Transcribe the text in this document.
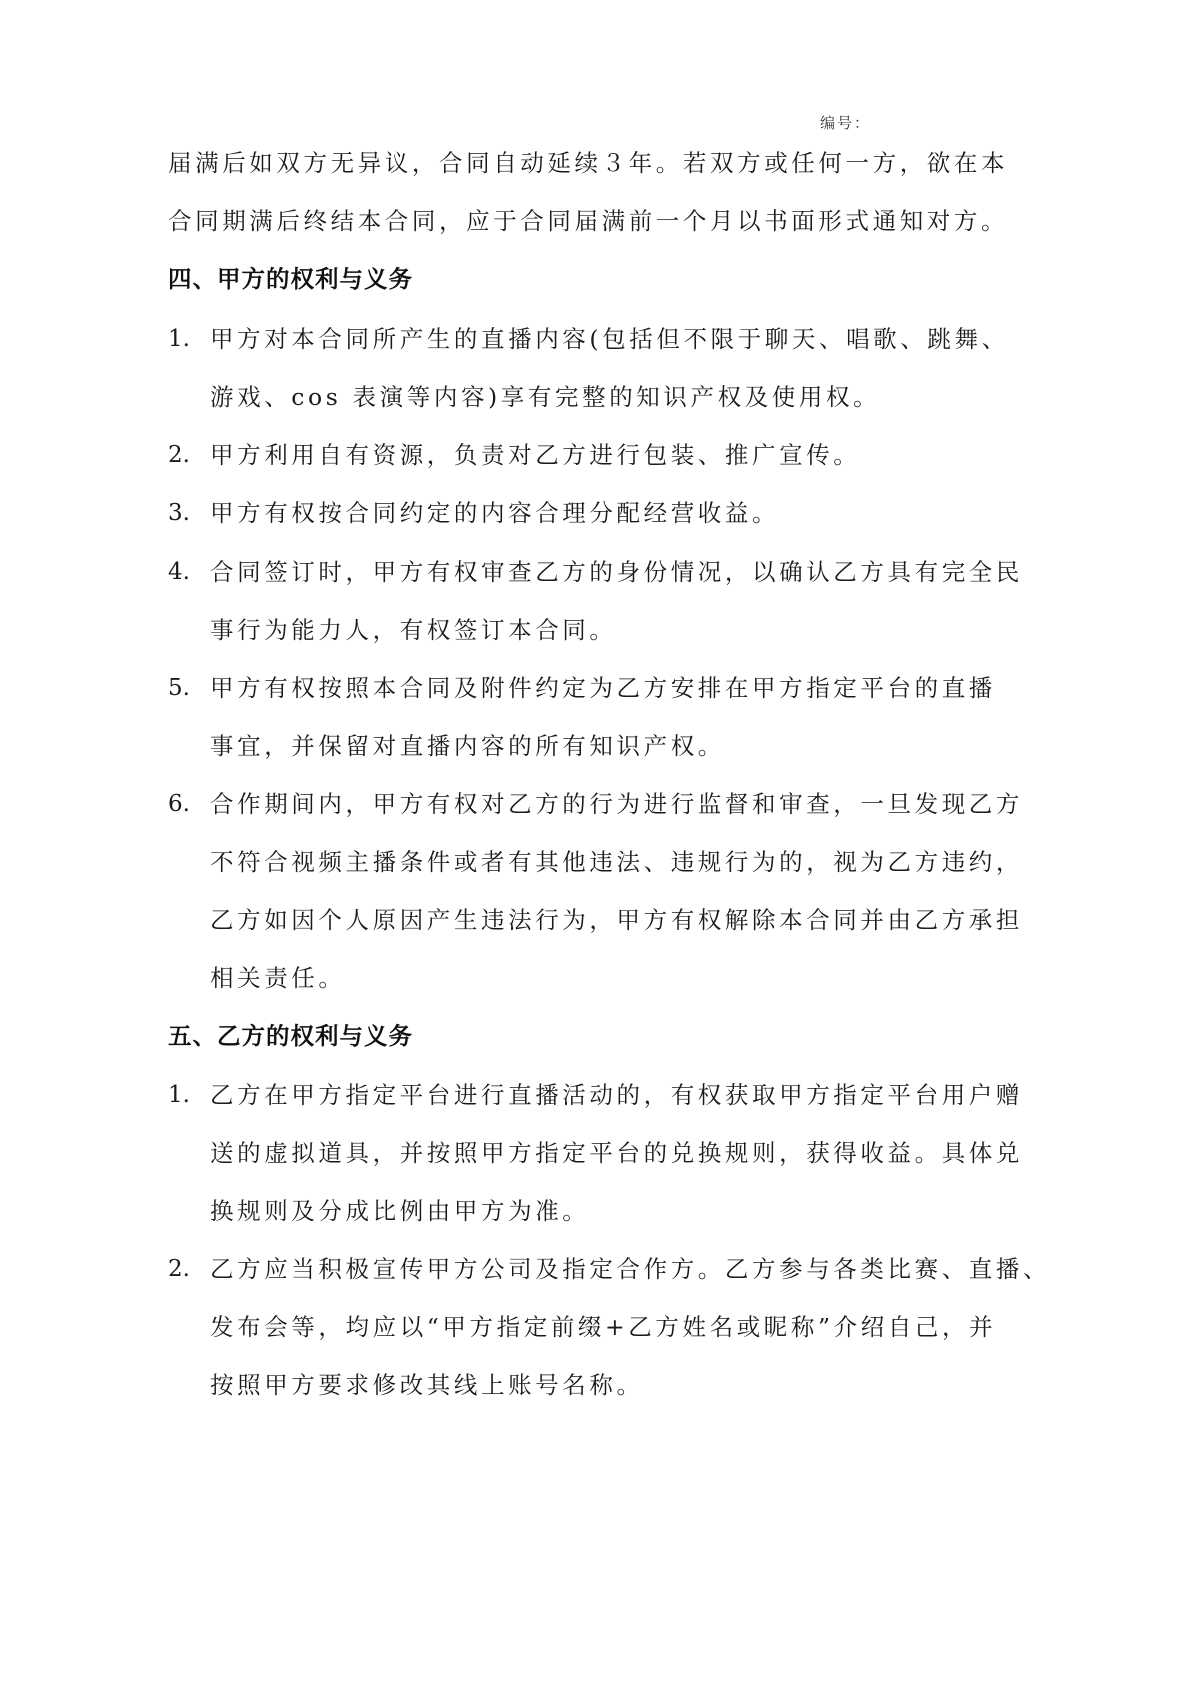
编号：
届满后如双方无异议，合同自动延续３年。若双方或任何一方，欲在本
合同期满后终结本合同，应于合同届满前一个月以书面形式通知对方。
四、甲方的权利与义务
1. 甲方对本合同所产生的直播内容(包括但不限于聊天、唱歌、跳舞、
游戏、cos 表演等内容)享有完整的知识产权及使用权。
2. 甲方利用自有资源，负责对乙方进行包装、推广宣传。
3. 甲方有权按合同约定的内容合理分配经营收益。
4. 合同签订时，甲方有权审查乙方的身份情况，以确认乙方具有完全民
事行为能力人，有权签订本合同。
5. 甲方有权按照本合同及附件约定为乙方安排在甲方指定平台的直播
事宜，并保留对直播内容的所有知识产权。
6. 合作期间内，甲方有权对乙方的行为进行监督和审查，一旦发现乙方
不符合视频主播条件或者有其他违法、违规行为的，视为乙方违约，
乙方如因个人原因产生违法行为，甲方有权解除本合同并由乙方承担
相关责任。
五、乙方的权利与义务
1. 乙方在甲方指定平台进行直播活动的，有权获取甲方指定平台用户赠
送的虚拟道具，并按照甲方指定平台的兑换规则，获得收益。具体兑
换规则及分成比例由甲方为准。
2. 乙方应当积极宣传甲方公司及指定合作方。乙方参与各类比赛、直播、
发布会等，均应以“甲方指定前缀+乙方姓名或昵称”介绍自己，并
按照甲方要求修改其线上账号名称。
